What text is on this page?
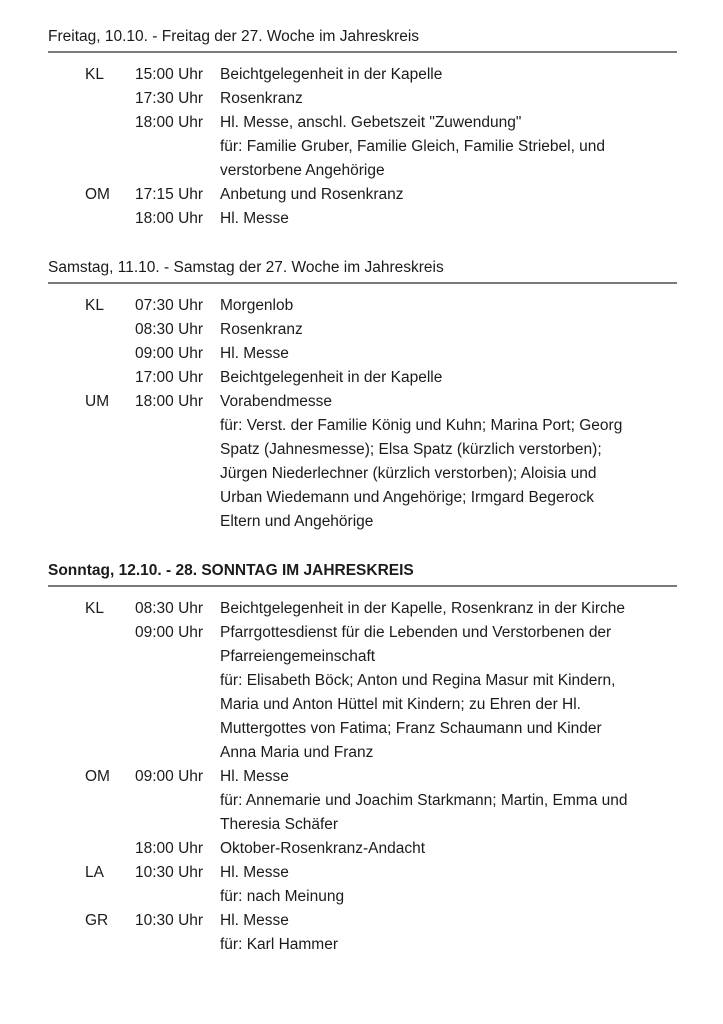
Freitag, 10.10. - Freitag der 27. Woche im Jahreskreis
KL	15:00 Uhr	Beichtgelegenheit in der Kapelle
17:30 Uhr	Rosenkranz
18:00 Uhr	Hl. Messe, anschl. Gebetszeit "Zuwendung"
für: Familie Gruber, Familie Gleich, Familie Striebel, und
verstorbene Angehörige
OM	17:15 Uhr	Anbetung und Rosenkranz
18:00 Uhr	Hl. Messe
Samstag, 11.10. - Samstag der 27. Woche im Jahreskreis
KL	07:30 Uhr	Morgenlob
08:30 Uhr	Rosenkranz
09:00 Uhr	Hl. Messe
17:00 Uhr	Beichtgelegenheit in der Kapelle
UM	18:00 Uhr	Vorabendmesse
für: Verst. der Familie König und Kuhn; Marina Port; Georg
Spatz (Jahnesmesse); Elsa Spatz (kürzlich verstorben);
Jürgen Niederlechner (kürzlich verstorben); Aloisia und
Urban Wiedemann und Angehörige; Irmgard Begerock
Eltern und Angehörige
Sonntag, 12.10. - 28. SONNTAG IM JAHRESKREIS
KL	08:30 Uhr	Beichtgelegenheit in der Kapelle, Rosenkranz in der Kirche
09:00 Uhr	Pfarrgottesdienst für die Lebenden und Verstorbenen der
Pfarreiengemeinschaft
für: Elisabeth Böck; Anton und Regina Masur mit Kindern,
Maria und Anton Hüttel mit Kindern; zu Ehren der Hl.
Muttergottes von Fatima; Franz Schaumann und Kinder
Anna Maria und Franz
OM	09:00 Uhr	Hl. Messe
für: Annemarie und Joachim Starkmann; Martin, Emma und
Theresia Schäfer
18:00 Uhr	Oktober-Rosenkranz-Andacht
LA	10:30 Uhr	Hl. Messe
für: nach Meinung
GR	10:30 Uhr	Hl. Messe
für: Karl Hammer
